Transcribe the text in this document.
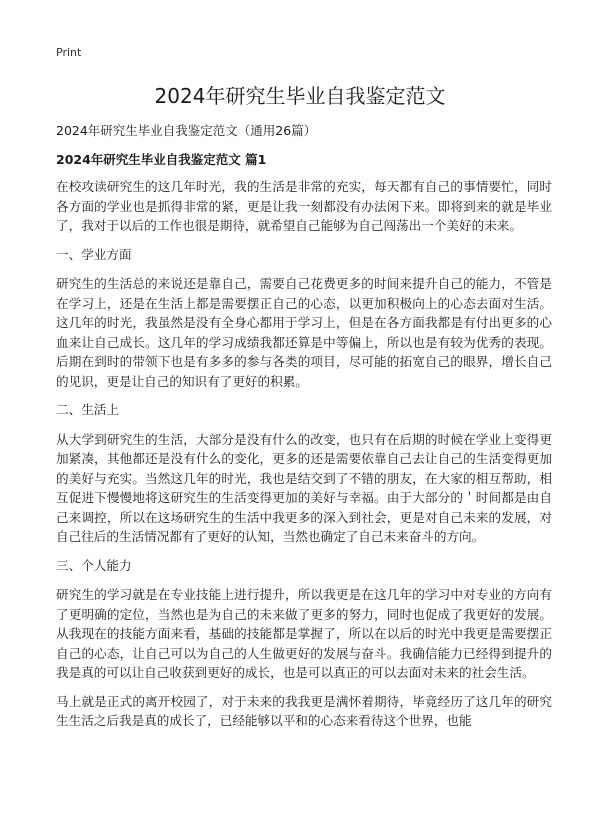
Print
2024年研究生毕业自我鉴定范文

2024年研究生毕业自我鉴定范文（通用26篇）

2024年研究生毕业自我鉴定范文 篇1

在校攻读研究生的这几年时光，我的生活是非常的充实，每天都有自己的事情要忙，同时各方面的学业也是抓得非常的紧，更是让我一刻都没有办法闲下来。即将到来的就是毕业了，我对于以后的工作也很是期待，就希望自己能够为自己闯荡出一个美好的未来。

一、学业方面

研究生的生活总的来说还是靠自己，需要自己花费更多的时间来提升自己的能力，不管是在学习上，还是在生活上都是需要摆正自己的心态，以更加积极向上的心态去面对生活。这几年的时光，我虽然是没有全身心都用于学习上，但是在各方面我都是有付出更多的心血来让自己成长。这几年的学习成绩我都还算是中等偏上，所以也是有较为优秀的表现。后期在到时的带领下也是有多多的参与各类的项目，尽可能的拓宽自己的眼界，增长自己的见识，更是让自己的知识有了更好的积累。

二、生活上

从大学到研究生的生活，大部分是没有什么的改变，也只有在后期的时候在学业上变得更加紧凑，其他都还是没有什么的变化，更多的还是需要依靠自己去让自己的生活变得更加的美好与充实。当然这几年的时光，我也是结交到了不错的朋友，在大家的相互帮助，相互促进下慢慢地将这研究生的生活变得更加的美好与幸福。由于大部分的＇时间都是由自己来调控，所以在这场研究生的生活中我更多的深入到社会，更是对自己未来的发展，对自己往后的生活情况都有了更好的认知，当然也确定了自己未来奋斗的方向。

三、个人能力

研究生的学习就是在专业技能上进行提升，所以我更是在这几年的学习中对专业的方向有了更明确的定位，当然也是为自己的未来做了更多的努力，同时也促成了我更好的发展。从我现在的技能方面来看，基础的技能都是掌握了，所以在以后的时光中我更是需要摆正自己的心态，让自己可以为自己的人生做更好的发展与奋斗。我确信能力已经得到提升的我是真的可以让自己收获到更好的成长，也是可以真正的可以去面对未来的社会生活。

马上就是正式的离开校园了，对于未来的我我更是满怀着期待，毕竟经历了这几年的研究生生活之后我是真的成长了，已经能够以平和的心态来看待这个世界，也能
